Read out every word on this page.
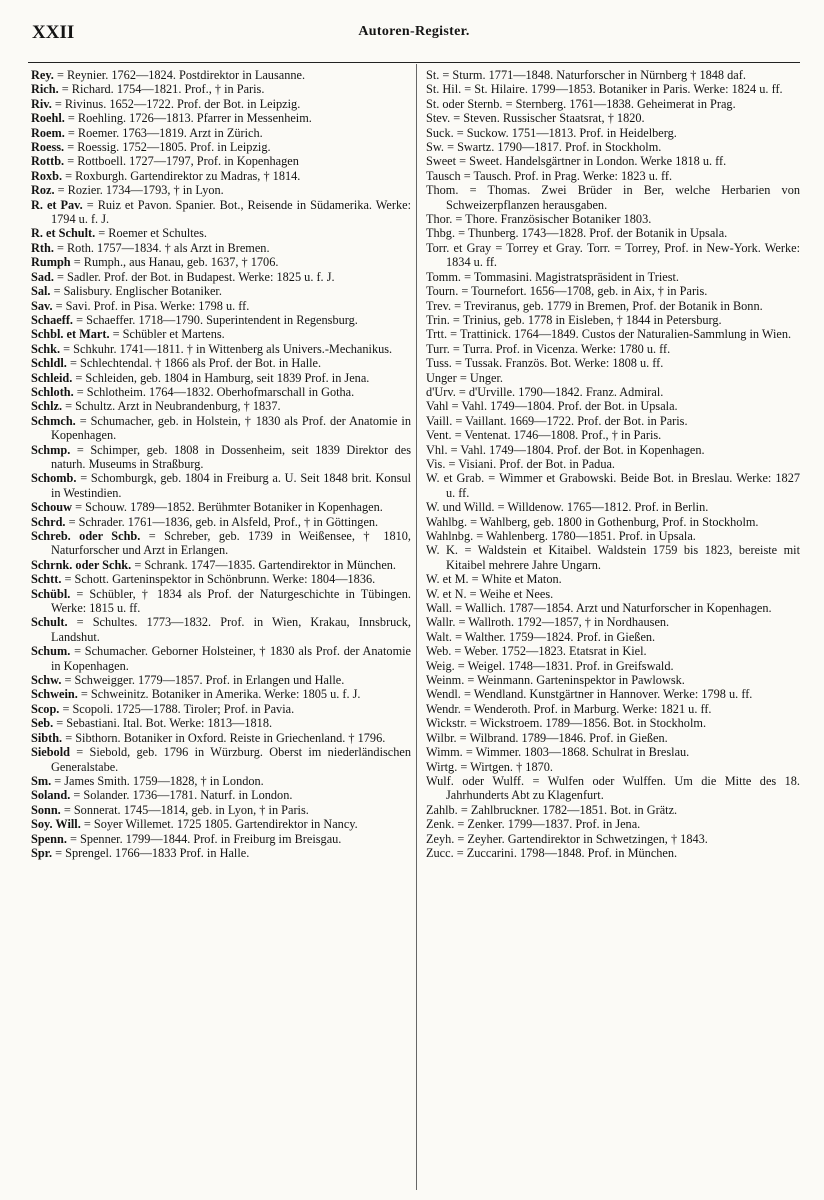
XXII	Autoren-Register.

Rey. = Reynier. 1762—1824. Postdirektor in Lausanne.

Rich. = Richard. 1754—1821. Prof., † in Paris.

Riv. = Rivinus. 1652—1722. Prof. der Bot. in Leipzig.

Roehl. = Roehling. 1726—1813. Pfarrer in Messenheim.

Roem. = Roemer. 1763—1819. Arzt in Zürich.

Roess. = Roessig. 1752—1805. Prof. in Leipzig.

Rottb. = Rottboell. 1727—1797, Prof. in Kopenhagen

Roxb. = Roxburgh. Gartendirektor zu Madras, † 1814.

Roz. = Rozier. 1734—1793, † in Lyon.

R. et Pav. = Ruiz et Pavon. Spanier. Bot., Reisende in Südamerika. Werke: 1794 u. f. J.

R. et Schult. = Roemer et Schultes.

Rth. = Roth. 1757—1834. † als Arzt in Bremen.

Rumph = Rumph., aus Hanau, geb. 1637, † 1706.

Sad. = Sadler. Prof. der Bot. in Budapest. Werke: 1825 u. f. J.

Sal. = Salisbury. Englischer Botaniker.

Sav. = Savi. Prof. in Pisa. Werke: 1798 u. ff.

Schaeff. = Schaeffer. 1718—1790. Superintendent in Regensburg.

Schbl. et Mart. = Schübler et Martens.

Schk. = Schkuhr. 1741—1811. † in Wittenberg als Univers.-Mechanikus.

Schldl. = Schlechtendal. † 1866 als Prof. der Bot. in Halle.

Schleid. = Schleiden, geb. 1804 in Hamburg, seit 1839 Prof. in Jena.

Schloth. = Schlotheim. 1764—1832. Oberhofmarschall in Gotha.

Schlz. = Schultz. Arzt in Neubrandenburg, † 1837.

Schmch. = Schumacher, geb. in Holstein, † 1830 als Prof. der Anatomie in Kopenhagen.

Schmp. = Schimper, geb. 1808 in Dossenheim, seit 1839 Direktor des naturh. Museums in Straßburg.

Schomb. = Schomburgk, geb. 1804 in Freiburg a. U. Seit 1848 brit. Konsul in Westindien.

Schouw = Schouw. 1789—1852. Berühmter Botaniker in Kopenhagen.

Schrd. = Schrader. 1761—1836, geb. in Alsfeld, Prof., † in Göttingen.

Schreb. oder Schb. = Schreber, geb. 1739 in Weißensee, † 1810, Naturforscher und Arzt in Erlangen.

Schrnk. oder Schk. = Schrank. 1747—1835. Gartendirektor in München.

Schtt. = Schott. Garteninspektor in Schönbrunn. Werke: 1804—1836.

Schübl. = Schübler, † 1834 als Prof. der Naturgeschichte in Tübingen. Werke: 1815 u. ff.

Schult. = Schultes. 1773—1832. Prof. in Wien, Krakau, Innsbruck, Landshut.

Schum. = Schumacher. Geborner Holsteiner, † 1830 als Prof. der Anatomie in Kopenhagen.

Schw. = Schweigger. 1779—1857. Prof. in Erlangen und Halle.

Schwein. = Schweinitz. Botaniker in Amerika. Werke: 1805 u. f. J.

Scop. = Scopoli. 1725—1788. Tiroler; Prof. in Pavia.

Seb. = Sebastiani. Ital. Bot. Werke: 1813—1818.

Sibth. = Sibthorn. Botaniker in Oxford. Reiste in Griechenland. † 1796.

Siebold = Siebold, geb. 1796 in Würzburg. Oberst im niederländischen Generalstabe.

Sm. = James Smith. 1759—1828, † in London.

Soland. = Solander. 1736—1781. Naturf. in London.

Sonn. = Sonnerat. 1745—1814, geb. in Lyon, † in Paris.

Soy. Will. = Soyer Willemet. 1725 1805. Gartendirektor in Nancy.

Spenn. = Spenner. 1799—1844. Prof. in Freiburg im Breisgau.

Spr. = Sprengel. 1766—1833 Prof. in Halle.

St. = Sturm. 1771—1848. Naturforscher in Nürnberg † 1848 daf.

St. Hil. = St. Hilaire. 1799—1853. Botaniker in Paris. Werke: 1824 u. ff.

St. oder Sternb. = Sternberg. 1761—1838. Geheimerat in Prag.

Stev. = Steven. Russischer Staatsrat, † 1820.

Suck. = Suckow. 1751—1813. Prof. in Heidelberg.

Sw. = Swartz. 1790—1817. Prof. in Stockholm.

Sweet = Sweet. Handelsgärtner in London. Werke 1818 u. ff.

Tausch = Tausch. Prof. in Prag. Werke: 1823 u. ff.

Thom. = Thomas. Zwei Brüder in Ber, welche Herbarien von Schweizerpflanzen herausgaben.

Thor. = Thore. Französischer Botaniker 1803.

Thbg. = Thunberg. 1743—1828. Prof. der Botanik in Upsala.

Torr. et Gray = Torrey et Gray. Torr. = Torrey, Prof. in New-York. Werke: 1834 u. ff.

Tomm. = Tommasini. Magistratspräsident in Triest.

Tourn. = Tournefort. 1656—1708, geb. in Aix, † in Paris.

Trev. = Treviranus, geb. 1779 in Bremen, Prof. der Botanik in Bonn.

Trin. = Trinius, geb. 1778 in Eisleben, † 1844 in Petersburg.

Trtt. = Trattinick. 1764—1849. Custos der Naturalien-Sammlung in Wien.

Turr. = Turra. Prof. in Vicenza. Werke: 1780 u. ff.

Tuss. = Tussak. Französ. Bot. Werke: 1808 u. ff.

Unger = Unger.

d'Urv. = d'Urville. 1790—1842. Franz. Admiral.

Vahl = Vahl. 1749—1804. Prof. der Bot. in Upsala.

Vaill. = Vaillant. 1669—1722. Prof. der Bot. in Paris.

Vent. = Ventenat. 1746—1808. Prof., † in Paris.

Vhl. = Vahl. 1749—1804. Prof. der Bot. in Kopenhagen.

Vis. = Visiani. Prof. der Bot. in Padua.

W. et Grab. = Wimmer et Grabowski. Beide Bot. in Breslau. Werke: 1827 u. ff.

W. und Willd. = Willdenow. 1765—1812. Prof. in Berlin.

Wahlbg. = Wahlberg, geb. 1800 in Gothenburg, Prof. in Stockholm.

Wahlnbg. = Wahlenberg. 1780—1851. Prof. in Upsala.

W. K. = Waldstein et Kitaibel. Waldstein 1759 bis 1823, bereiste mit Kitaibel mehrere Jahre Ungarn.

W. et M. = White et Maton.

W. et N. = Weihe et Nees.

Wall. = Wallich. 1787—1854. Arzt und Naturforscher in Kopenhagen.

Wallr. = Wallroth. 1792—1857, † in Nordhausen.

Walt. = Walther. 1759—1824. Prof. in Gießen.

Web. = Weber. 1752—1823. Etatsrat in Kiel.

Weig. = Weigel. 1748—1831. Prof. in Greifswald.

Weinm. = Weinmann. Garteninspektor in Pawlowsk.

Wendl. = Wendland. Kunstgärtner in Hannover. Werke: 1798 u. ff.

Wendr. = Wenderoth. Prof. in Marburg. Werke: 1821 u. ff.

Wickstr. = Wickstroem. 1789—1856. Bot. in Stockholm.

Wilbr. = Wilbrand. 1789—1846. Prof. in Gießen.

Wimm. = Wimmer. 1803—1868. Schulrat in Breslau.

Wirtg. = Wirtgen. † 1870.

Wulf. oder Wulff. = Wulfen oder Wulffen. Um die Mitte des 18. Jahrhunderts Abt zu Klagenfurt.

Zahlb. = Zahlbruckner. 1782—1851. Bot. in Grätz.

Zenk. = Zenker. 1799—1837. Prof. in Jena.

Zeyh. = Zeyher. Gartendirektor in Schwetzingen, † 1843.

Zucc. = Zuccarini. 1798—1848. Prof. in München.
